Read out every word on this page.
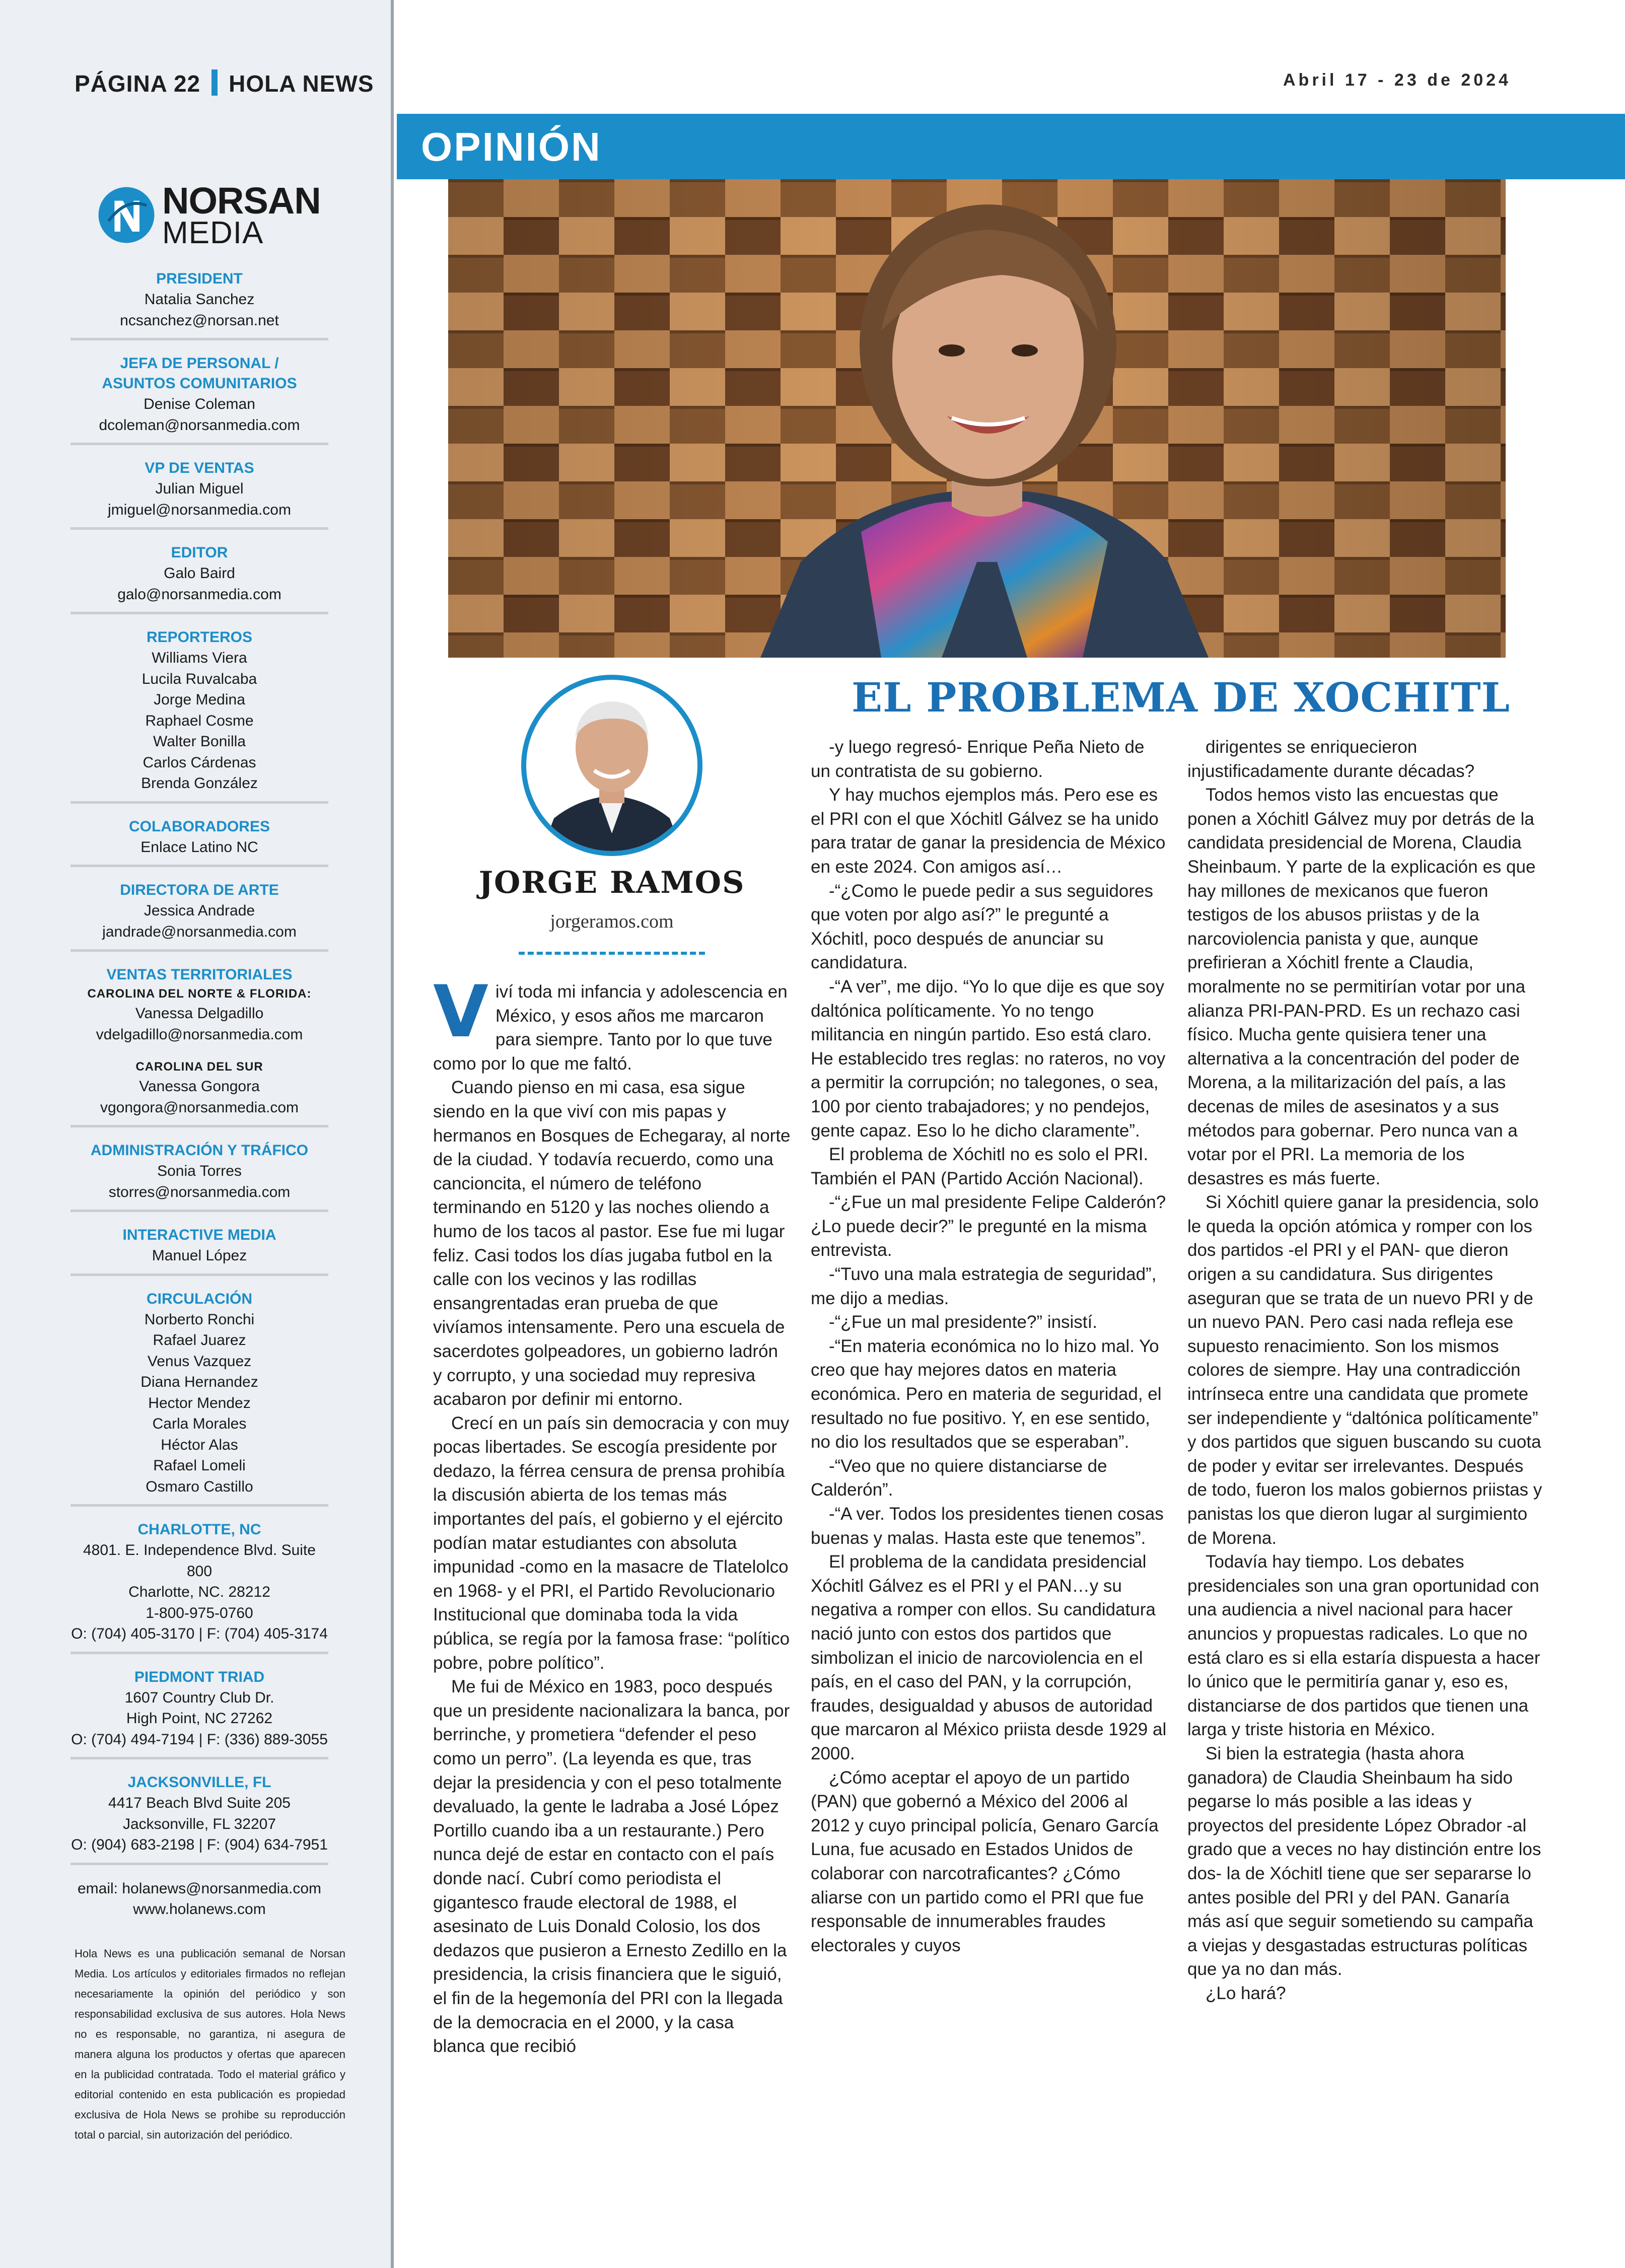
PÁGINA 22 HOLA NEWS
NORSAN
MEDIA
PRESIDENT
Natalia Sanchez
ncsanchez@norsan.net
JEFA DE PERSONAL /
ASUNTOS COMUNITARIOS
Denise Coleman
dcoleman@norsanmedia.com
VP DE VENTAS
Julian Miguel
jmiguel@norsanmedia.com
EDITOR
Galo Baird
galo@norsanmedia.com
REPORTEROS
Williams Viera
Lucila Ruvalcaba
Jorge Medina
Raphael Cosme
Walter Bonilla
Carlos Cárdenas
Brenda González
COLABORADORES
Enlace Latino NC
DIRECTORA DE ARTE
Jessica Andrade
jandrade@norsanmedia.com
VENTAS TERRITORIALES
CAROLINA DEL NORTE & FLORIDA:
Vanessa Delgadillo
vdelgadillo@norsanmedia.com
CAROLINA DEL SUR
Vanessa Gongora
vgongora@norsanmedia.com
ADMINISTRACIÓN Y TRÁFICO
Sonia Torres
storres@norsanmedia.com
INTERACTIVE MEDIA
Manuel López
CIRCULACIÓN
Norberto Ronchi
Rafael Juarez
Venus Vazquez
Diana Hernandez
Hector Mendez
Carla Morales
Héctor Alas
Rafael Lomeli
Osmaro Castillo
CHARLOTTE, NC
4801. E. Independence Blvd. Suite 800
Charlotte, NC. 28212
1-800-975-0760
O: (704) 405-3170 | F: (704) 405-3174
PIEDMONT TRIAD
1607 Country Club Dr.
High Point, NC 27262
O: (704) 494-7194 | F: (336) 889-3055
JACKSONVILLE, FL
4417 Beach Blvd Suite 205
Jacksonville, FL 32207
O: (904) 683-2198 | F: (904) 634-7951
email: holanews@norsanmedia.com
www.holanews.com
Hola News es una publicación semanal de Norsan Media. Los artículos y editoriales firmados no reflejan necesariamente la opinión del periódico y son responsabilidad exclusiva de sus autores. Hola News no es responsable, no garantiza, ni asegura de manera alguna los productos y ofertas que aparecen en la publicidad contratada. Todo el material gráfico y editorial contenido en esta publicación es propiedad exclusiva de Hola News se prohibe su reproducción total o parcial, sin autorización del periódico.
Abril 17 - 23 de 2024
OPINIÓN
EL PROBLEMA DE XOCHITL
JORGE RAMOS
jorgeramos.com

Viví toda mi infancia y adolescencia en México, y esos años me marcaron para siempre. Tanto por lo que tuve como por lo que me faltó.

Cuando pienso en mi casa, esa sigue siendo en la que viví con mis papas y hermanos en Bosques de Echegaray, al norte de la ciudad. Y todavía recuerdo, como una cancioncita, el número de teléfono terminando en 5120 y las noches oliendo a humo de los tacos al pastor. Ese fue mi lugar feliz. Casi todos los días jugaba futbol en la calle con los vecinos y las rodillas ensangrentadas eran prueba de que vivíamos intensamente. Pero una escuela de sacerdotes golpeadores, un gobierno ladrón y corrupto, y una sociedad muy represiva acabaron por definir mi entorno.

Crecí en un país sin democracia y con muy pocas libertades. Se escogía presidente por dedazo, la férrea censura de prensa prohibía la discusión abierta de los temas más importantes del país, el gobierno y el ejército podían matar estudiantes con absoluta impunidad -como en la masacre de Tlatelolco en 1968- y el PRI, el Partido Revolucionario Institucional que dominaba toda la vida pública, se regía por la famosa frase: “político pobre, pobre político”.

Me fui de México en 1983, poco después que un presidente nacionalizara la banca, por berrinche, y prometiera “defender el peso como un perro”. (La leyenda es que, tras dejar la presidencia y con el peso totalmente devaluado, la gente le ladraba a José López Portillo cuando iba a un restaurante.) Pero nunca dejé de estar en contacto con el país donde nací. Cubrí como periodista el gigantesco fraude electoral de 1988, el asesinato de Luis Donald Colosio, los dos dedazos que pusieron a Ernesto Zedillo en la presidencia, la crisis financiera que le siguió, el fin de la hegemonía del PRI con la llegada de la democracia en el 2000, y la casa blanca que recibió

-y luego regresó- Enrique Peña Nieto de un contratista de su gobierno.

Y hay muchos ejemplos más. Pero ese es el PRI con el que Xóchitl Gálvez se ha unido para tratar de ganar la presidencia de México en este 2024. Con amigos así…

-“¿Como le puede pedir a sus seguidores que voten por algo así?” le pregunté a Xóchitl, poco después de anunciar su candidatura.

-“A ver”, me dijo. “Yo lo que dije es que soy daltónica políticamente. Yo no tengo militancia en ningún partido. Eso está claro. He establecido tres reglas: no rateros, no voy a permitir la corrupción; no talegones, o sea, 100 por ciento trabajadores; y no pendejos, gente capaz. Eso lo he dicho claramente”.

El problema de Xóchitl no es solo el PRI. También el PAN (Partido Acción Nacional).

-“¿Fue un mal presidente Felipe Calderón? ¿Lo puede decir?” le pregunté en la misma entrevista.

-“Tuvo una mala estrategia de seguridad”, me dijo a medias.

-“¿Fue un mal presidente?” insistí.

-“En materia económica no lo hizo mal. Yo creo que hay mejores datos en materia económica. Pero en materia de seguridad, el resultado no fue positivo. Y, en ese sentido, no dio los resultados que se esperaban”.

-“Veo que no quiere distanciarse de Calderón”.

-“A ver. Todos los presidentes tienen cosas buenas y malas. Hasta este que tenemos”.

El problema de la candidata presidencial Xóchitl Gálvez es el PRI y el PAN…y su negativa a romper con ellos. Su candidatura nació junto con estos dos partidos que simbolizan el inicio de narcoviolencia en el país, en el caso del PAN, y la corrupción, fraudes, desigualdad y abusos de autoridad que marcaron al México priista desde 1929 al 2000.

¿Cómo aceptar el apoyo de un partido (PAN) que gobernó a México del 2006 al 2012 y cuyo principal policía, Genaro García Luna, fue acusado en Estados Unidos de colaborar con narcotraficantes? ¿Cómo aliarse con un partido como el PRI que fue responsable de innumerables fraudes electorales y cuyos

dirigentes se enriquecieron injustificadamente durante décadas?

Todos hemos visto las encuestas que ponen a Xóchitl Gálvez muy por detrás de la candidata presidencial de Morena, Claudia Sheinbaum. Y parte de la explicación es que hay millones de mexicanos que fueron testigos de los abusos priistas y de la narcoviolencia panista y que, aunque prefirieran a Xóchitl frente a Claudia, moralmente no se permitirían votar por una alianza PRI-PAN-PRD. Es un rechazo casi físico. Mucha gente quisiera tener una alternativa a la concentración del poder de Morena, a la militarización del país, a las decenas de miles de asesinatos y a sus métodos para gobernar. Pero nunca van a votar por el PRI. La memoria de los desastres es más fuerte.

Si Xóchitl quiere ganar la presidencia, solo le queda la opción atómica y romper con los dos partidos -el PRI y el PAN- que dieron origen a su candidatura. Sus dirigentes aseguran que se trata de un nuevo PRI y de un nuevo PAN. Pero casi nada refleja ese supuesto renacimiento. Son los mismos colores de siempre. Hay una contradicción intrínseca entre una candidata que promete ser independiente y “daltónica políticamente” y dos partidos que siguen buscando su cuota de poder y evitar ser irrelevantes. Después de todo, fueron los malos gobiernos priistas y panistas los que dieron lugar al surgimiento de Morena.

Todavía hay tiempo. Los debates presidenciales son una gran oportunidad con una audiencia a nivel nacional para hacer anuncios y propuestas radicales. Lo que no está claro es si ella estaría dispuesta a hacer lo único que le permitiría ganar y, eso es, distanciarse de dos partidos que tienen una larga y triste historia en México.

Si bien la estrategia (hasta ahora ganadora) de Claudia Sheinbaum ha sido pegarse lo más posible a las ideas y proyectos del presidente López Obrador -al grado que a veces no hay distinción entre los dos- la de Xóchitl tiene que ser separarse lo antes posible del PRI y del PAN. Ganaría más así que seguir sometiendo su campaña a viejas y desgastadas estructuras políticas que ya no dan más.

¿Lo hará?
